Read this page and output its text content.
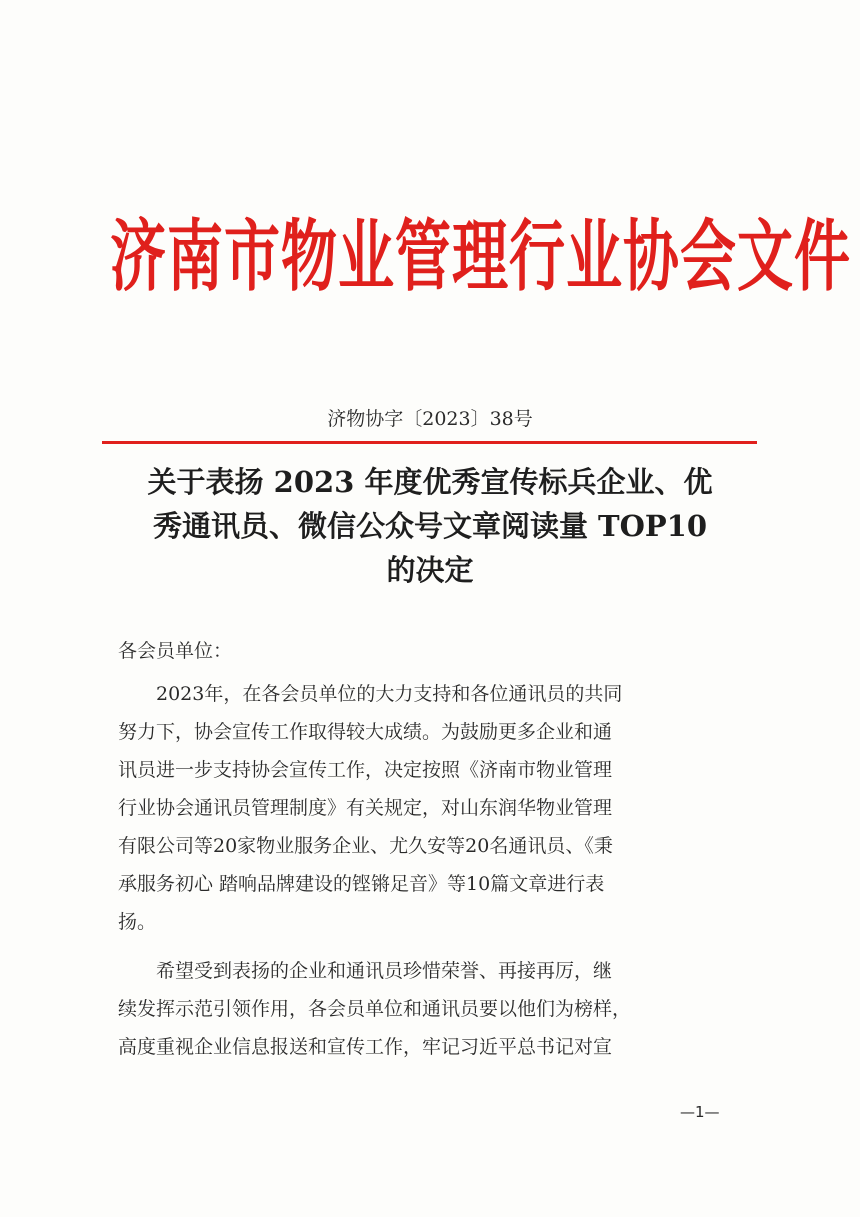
济南市物业管理行业协会文件
济物协字〔2023〕38号
关于表扬 2023 年度优秀宣传标兵企业、优
秀通讯员、微信公众号文章阅读量 TOP10
的决定
各会员单位：
2023年，在各会员单位的大力支持和各位通讯员的共同
努力下，协会宣传工作取得较大成绩。为鼓励更多企业和通
讯员进一步支持协会宣传工作，决定按照《济南市物业管理
行业协会通讯员管理制度》有关规定，对山东润华物业管理
有限公司等20家物业服务企业、尤久安等20名通讯员、《秉
承服务初心 踏响品牌建设的铿锵足音》等10篇文章进行表
扬。
希望受到表扬的企业和通讯员珍惜荣誉、再接再厉，继
续发挥示范引领作用，各会员单位和通讯员要以他们为榜样，
高度重视企业信息报送和宣传工作，牢记习近平总书记对宣
—1—
